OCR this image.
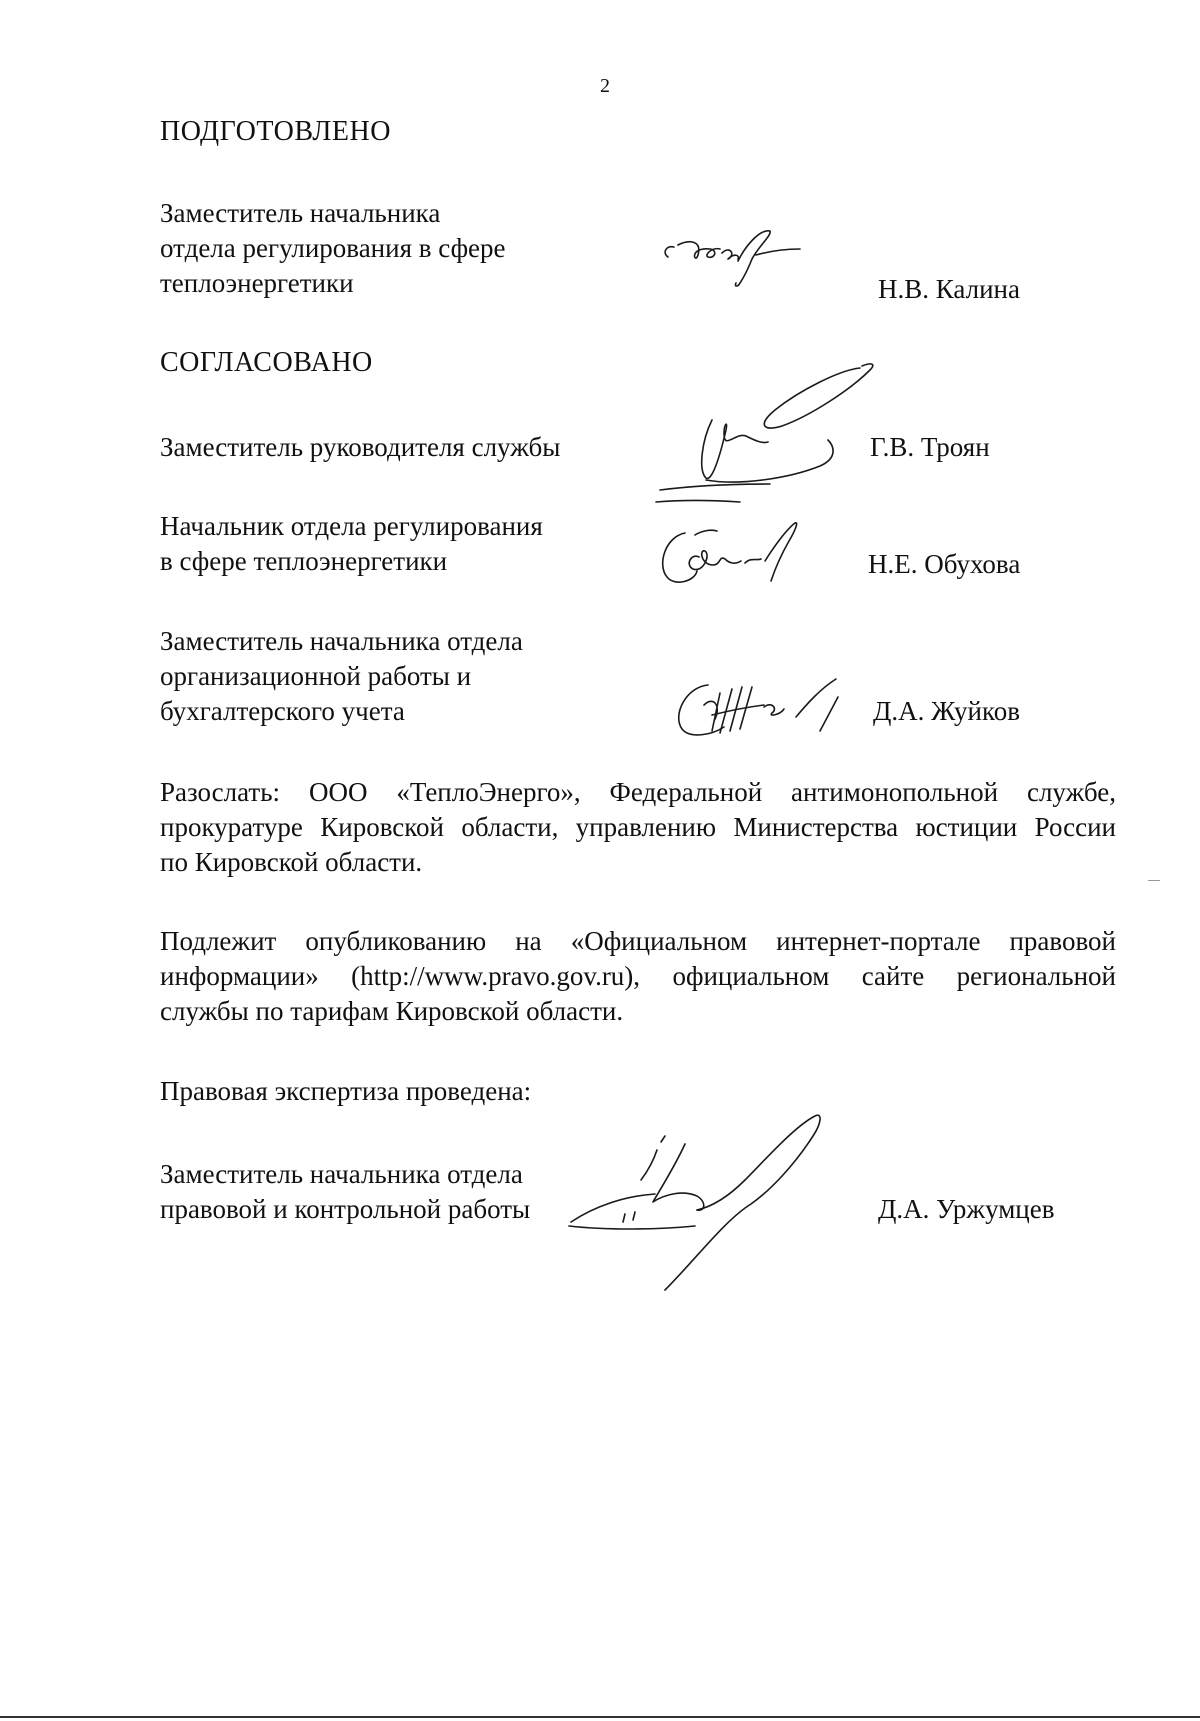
2
ПОДГОТОВЛЕНО
Заместитель начальника
отдела регулирования в сфере
теплоэнергетики	Н.В. Калина
СОГЛАСОВАНО
Заместитель руководителя службы	Г.В. Троян
Начальник отдела регулирования
в сфере теплоэнергетики	Н.Е. Обухова
Заместитель начальника отдела
организационной работы и
бухгалтерского учета	Д.А. Жуйков
Разослать: ООО «ТеплоЭнерго», Федеральной антимонопольной службе,
прокуратуре Кировской области, управлению Министерства юстиции России
по Кировской области.
Подлежит опубликованию на «Официальном интернет-портале правовой
информации» (http://www.pravo.gov.ru), официальном сайте региональной
службы по тарифам Кировской области.
Правовая экспертиза проведена:
Заместитель начальника отдела
правовой и контрольной работы	Д.А. Уржумцев
